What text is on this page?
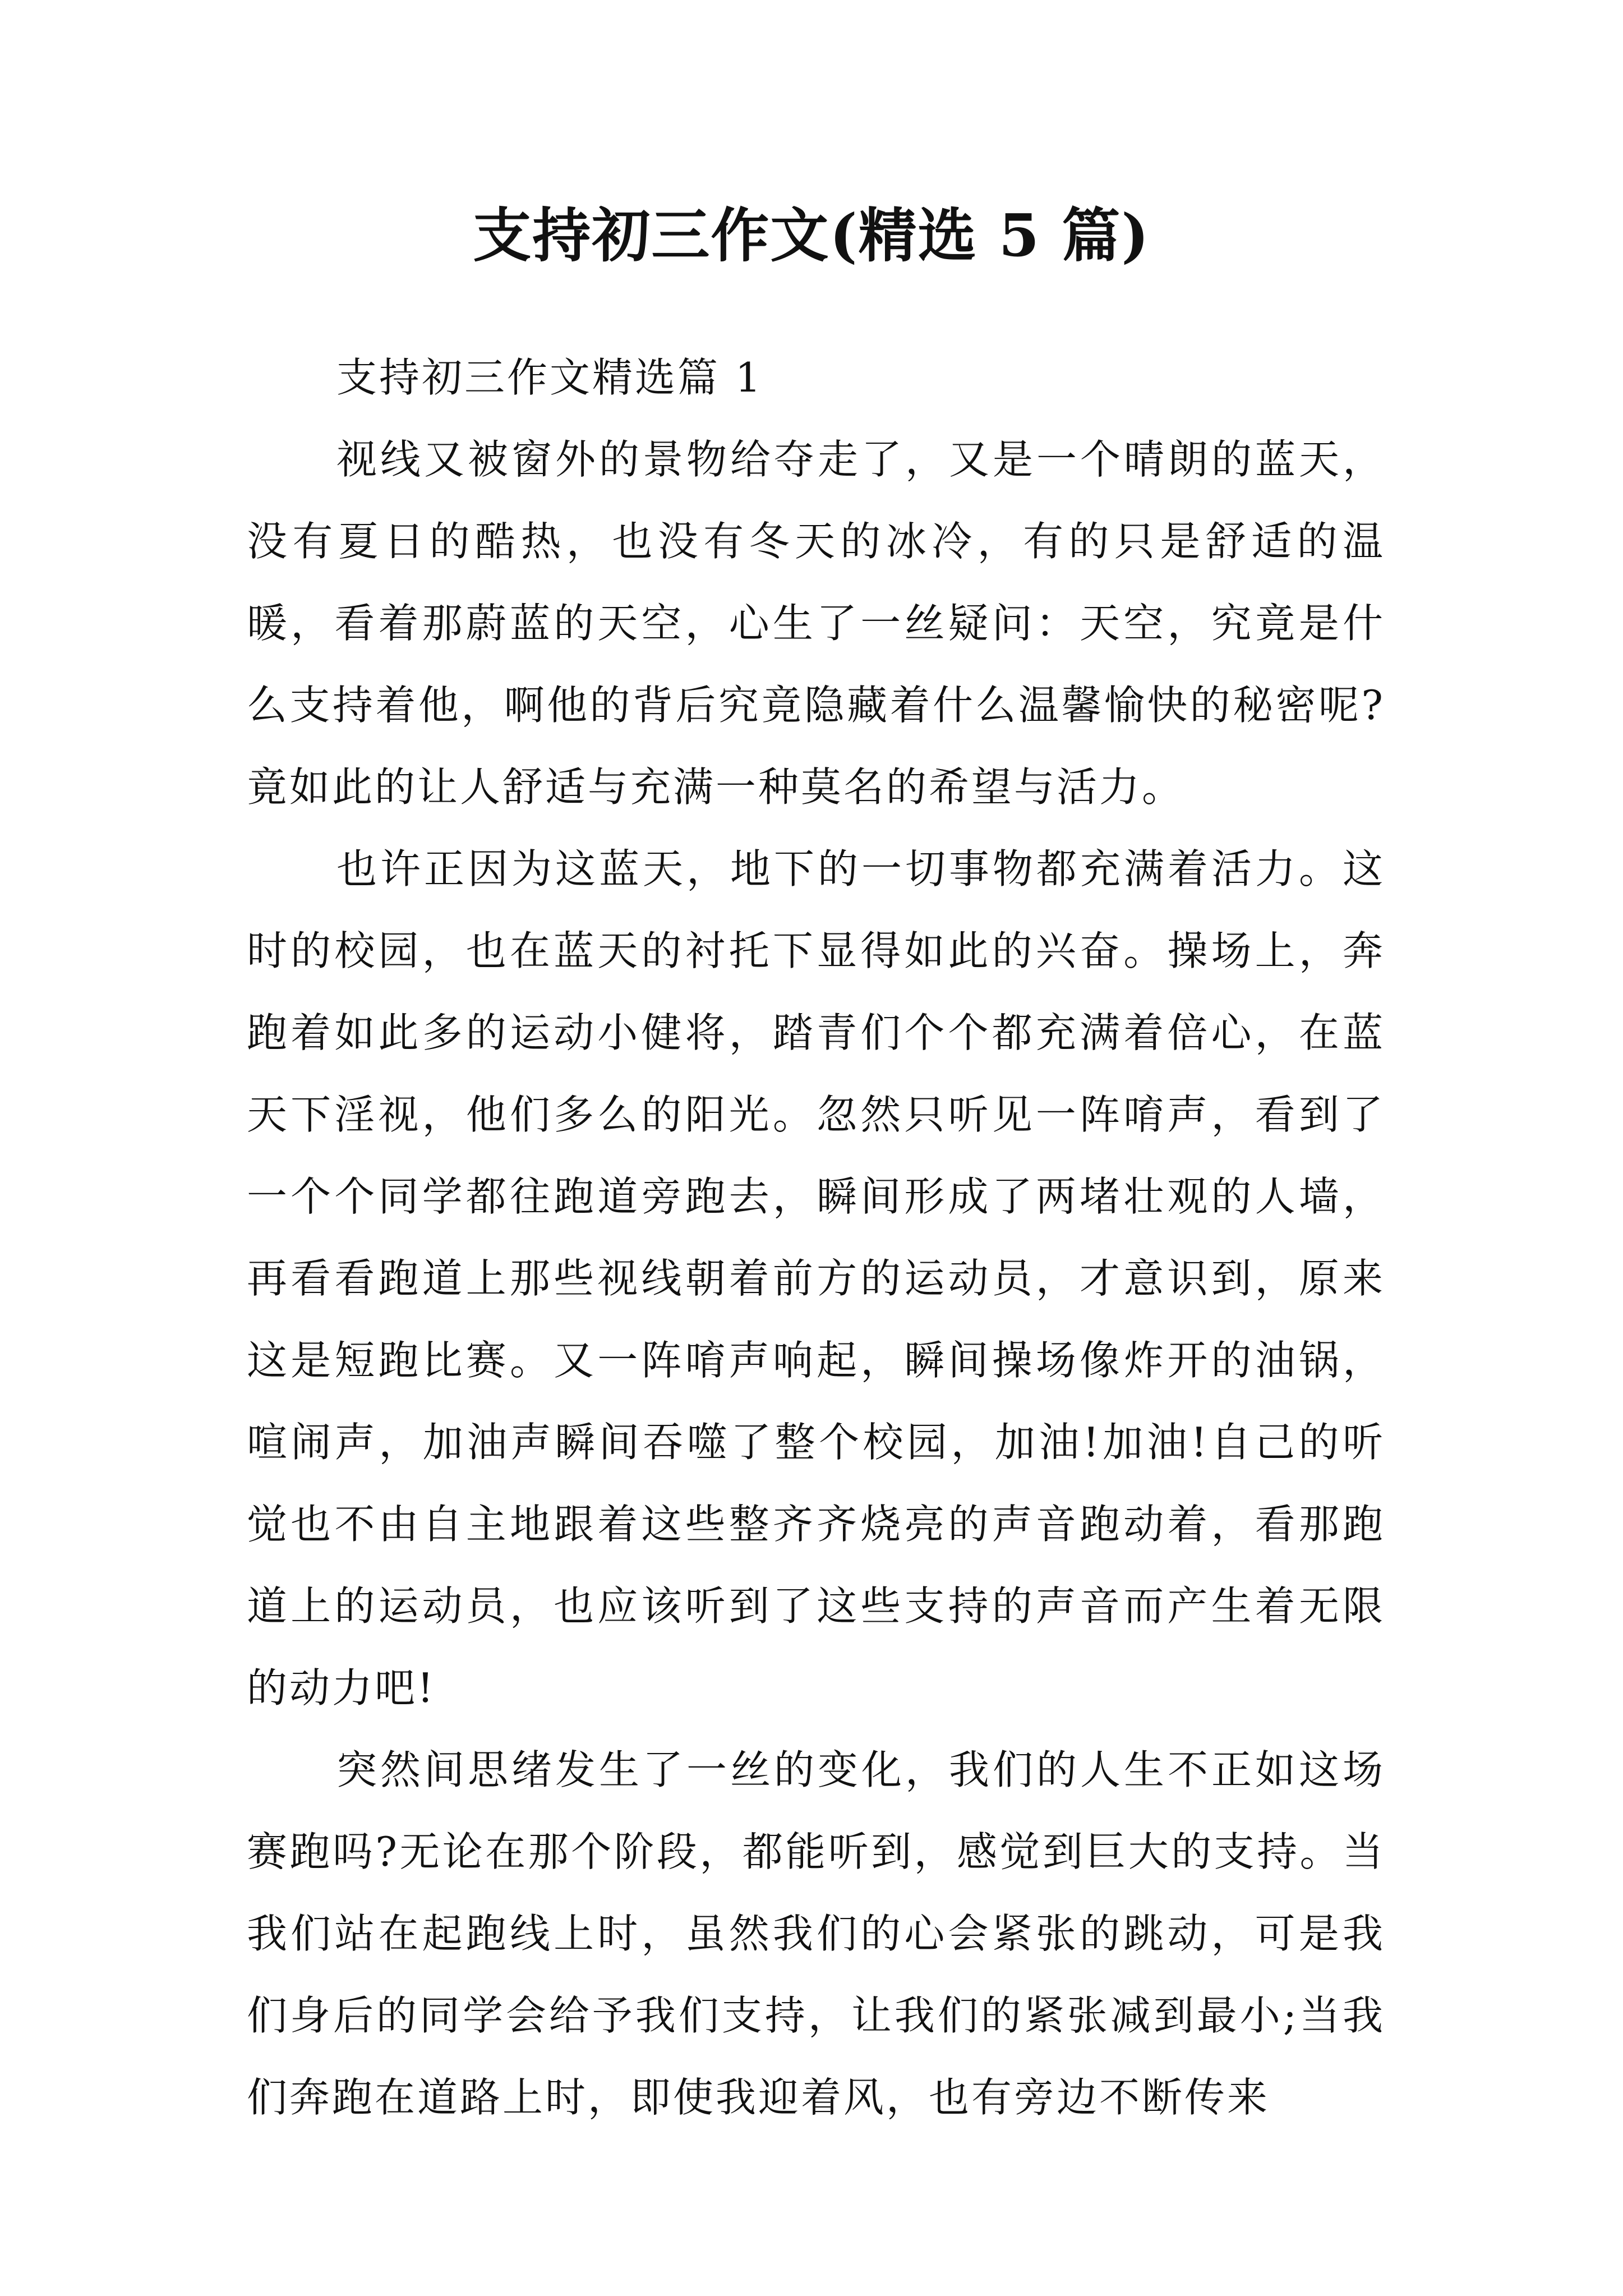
支持初三作文(精选 5 篇)
支持初三作文精选篇 1

视线又被窗外的景物给夺走了，又是一个晴朗的蓝天，没有夏日的酷热，也没有冬天的冰冷，有的只是舒适的温暖，看着那蔚蓝的天空，心生了一丝疑问：天空，究竟是什么支持着他，啊他的背后究竟隐藏着什么温馨愉快的秘密呢?竟如此的让人舒适与充满一种莫名的希望与活力。

也许正因为这蓝天，地下的一切事物都充满着活力。这时的校园，也在蓝天的衬托下显得如此的兴奋。操场上，奔跑着如此多的运动小健将，踏青们个个都充满着倍心，在蓝天下淫视，他们多么的阳光。忽然只听见一阵唷声，看到了一个个同学都往跑道旁跑去，瞬间形成了两堵壮观的人墙，再看看跑道上那些视线朝着前方的运动员，才意识到，原来这是短跑比赛。又一阵唷声响起，瞬间操场像炸开的油锅，喧闹声，加油声瞬间吞噬了整个校园，加油!加油!自己的听觉也不由自主地跟着这些整齐齐烧亮的声音跑动着，看那跑道上的运动员，也应该听到了这些支持的声音而产生着无限的动力吧!

突然间思绪发生了一丝的变化，我们的人生不正如这场赛跑吗?无论在那个阶段，都能听到，感觉到巨大的支持。当我们站在起跑线上时，虽然我们的心会紧张的跳动，可是我们身后的同学会给予我们支持，让我们的紧张减到最小;当我们奔跑在道路上时，即使我迎着风，也有旁边不断传来
